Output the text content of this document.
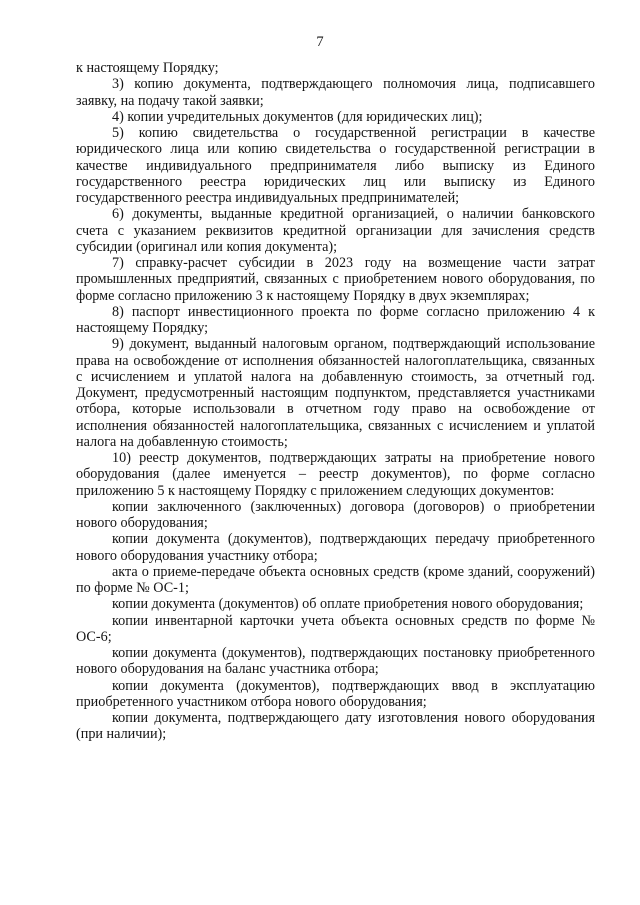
7

к настоящему Порядку;

3) копию документа, подтверждающего полномочия лица, подписавшего заявку, на подачу такой заявки;

4) копии учредительных документов (для юридических лиц);

5) копию свидетельства о государственной регистрации в качестве юридического лица или копию свидетельства о государственной регистрации в качестве индивидуального предпринимателя либо выписку из Единого государственного реестра юридических лиц или выписку из Единого государственного реестра индивидуальных предпринимателей;

6) документы, выданные кредитной организацией, о наличии банковского счета с указанием реквизитов кредитной организации для зачисления средств субсидии (оригинал или копия документа);

7) справку-расчет субсидии в 2023 году на возмещение части затрат промышленных предприятий, связанных с приобретением нового оборудования, по форме согласно приложению 3 к настоящему Порядку в двух экземплярах;

8) паспорт инвестиционного проекта по форме согласно приложению 4 к настоящему Порядку;

9) документ, выданный налоговым органом, подтверждающий использование права на освобождение от исполнения обязанностей налогоплательщика, связанных с исчислением и уплатой налога на добавленную стоимость, за отчетный год. Документ, предусмотренный настоящим подпунктом, представляется участниками отбора, которые использовали в отчетном году право на освобождение от исполнения обязанностей налогоплательщика, связанных с исчислением и уплатой налога на добавленную стоимость;

10) реестр документов, подтверждающих затраты на приобретение нового оборудования (далее именуется – реестр документов), по форме согласно приложению 5 к настоящему Порядку с приложением следующих документов:

копии заключенного (заключенных) договора (договоров) о приобретении нового оборудования;

копии документа (документов), подтверждающих передачу приобретенного нового оборудования участнику отбора;

акта о приеме-передаче объекта основных средств (кроме зданий, сооружений) по форме № ОС-1;

копии документа (документов) об оплате приобретения нового оборудования;

копии инвентарной карточки учета объекта основных средств по форме № ОС-6;

копии документа (документов), подтверждающих постановку приобретенного нового оборудования на баланс участника отбора;

копии документа (документов), подтверждающих ввод в эксплуатацию приобретенного участником отбора нового оборудования;

копии документа, подтверждающего дату изготовления нового оборудования (при наличии);
